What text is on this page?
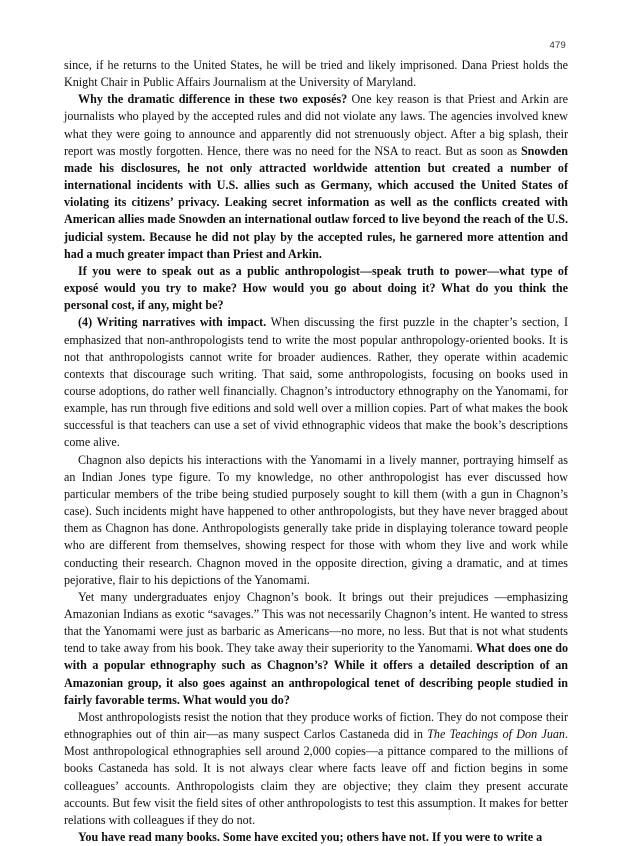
479

since, if he returns to the United States, he will be tried and likely imprisoned. Dana Priest holds the Knight Chair in Public Affairs Journalism at the University of Maryland.

Why the dramatic difference in these two exposés? One key reason is that Priest and Arkin are journalists who played by the accepted rules and did not violate any laws. The agencies involved knew what they were going to announce and apparently did not strenuously object. After a big splash, their report was mostly forgotten. Hence, there was no need for the NSA to react. But as soon as Snowden made his disclosures, he not only attracted worldwide attention but created a number of international incidents with U.S. allies such as Germany, which accused the United States of violating its citizens’ privacy. Leaking secret information as well as the conflicts created with American allies made Snowden an international outlaw forced to live beyond the reach of the U.S. judicial system. Because he did not play by the accepted rules, he garnered more attention and had a much greater impact than Priest and Arkin.

If you were to speak out as a public anthropologist—speak truth to power—what type of exposé would you try to make? How would you go about doing it? What do you think the personal cost, if any, might be?

(4) Writing narratives with impact. When discussing the first puzzle in the chapter’s section, I emphasized that non-anthropologists tend to write the most popular anthropology-oriented books. It is not that anthropologists cannot write for broader audiences. Rather, they operate within academic contexts that discourage such writing. That said, some anthropologists, focusing on books used in course adoptions, do rather well financially. Chagnon’s introductory ethnography on the Yanomami, for example, has run through five editions and sold well over a million copies. Part of what makes the book successful is that teachers can use a set of vivid ethnographic videos that make the book’s descriptions come alive.

Chagnon also depicts his interactions with the Yanomami in a lively manner, portraying himself as an Indian Jones type figure. To my knowledge, no other anthropologist has ever discussed how particular members of the tribe being studied purposely sought to kill them (with a gun in Chagnon’s case). Such incidents might have happened to other anthropologists, but they have never bragged about them as Chagnon has done. Anthropologists generally take pride in displaying tolerance toward people who are different from themselves, showing respect for those with whom they live and work while conducting their research. Chagnon moved in the opposite direction, giving a dramatic, and at times pejorative, flair to his depictions of the Yanomami.

Yet many undergraduates enjoy Chagnon’s book. It brings out their prejudices —emphasizing Amazonian Indians as exotic “savages.” This was not necessarily Chagnon’s intent. He wanted to stress that the Yanomami were just as barbaric as Americans—no more, no less. But that is not what students tend to take away from his book. They take away their superiority to the Yanomami. What does one do with a popular ethnography such as Chagnon’s? While it offers a detailed description of an Amazonian group, it also goes against an anthropological tenet of describing people studied in fairly favorable terms. What would you do?

Most anthropologists resist the notion that they produce works of fiction. They do not compose their ethnographies out of thin air—as many suspect Carlos Castaneda did in The Teachings of Don Juan. Most anthropological ethnographies sell around 2,000 copies—a pittance compared to the millions of books Castaneda has sold. It is not always clear where facts leave off and fiction begins in some colleagues’ accounts. Anthropologists claim they are objective; they claim they present accurate accounts. But few visit the field sites of other anthropologists to test this assumption. It makes for better relations with colleagues if they do not.

You have read many books. Some have excited you; others have not. If you were to write a
